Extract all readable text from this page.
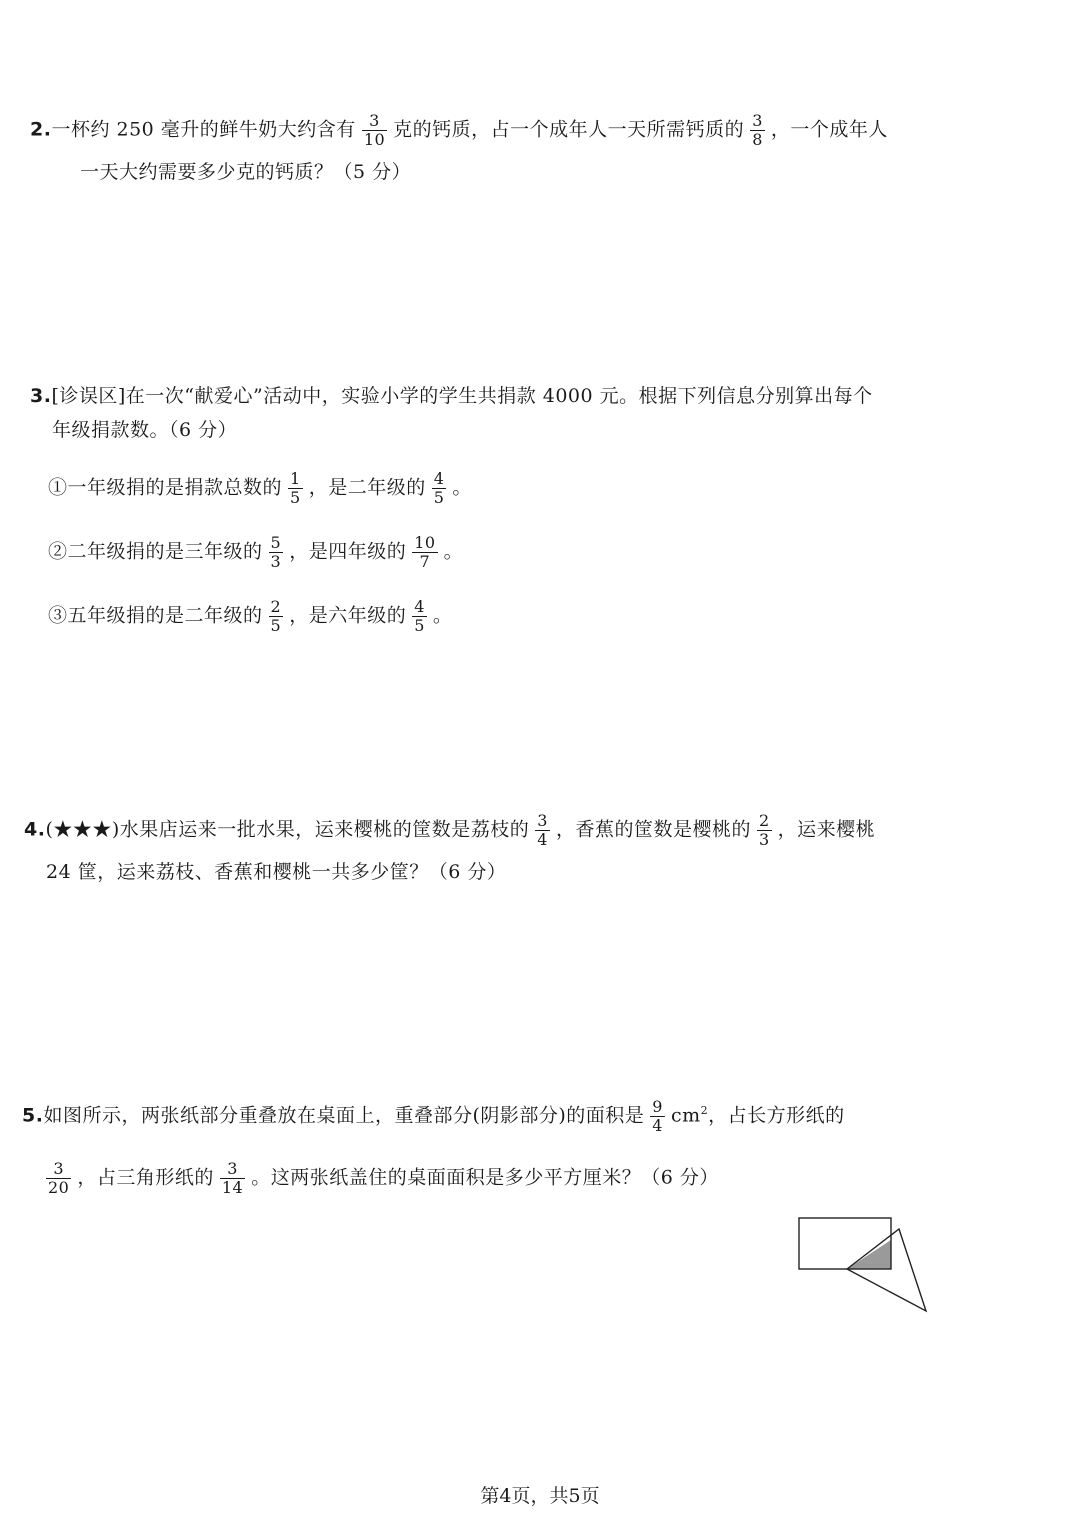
2.一杯约 250 毫升的鲜牛奶大约含有 $\frac{3}{10}$ 克的钙质，占一个成年人一天所需钙质的 $\frac{3}{8}$ ，一个成年人
一天大约需要多少克的钙质？（5 分）
3.[诊误区]在一次“献爱心”活动中，实验小学的学生共捐款 4000 元。根据下列信息分别算出每个
年级捐款数。（6 分）
①一年级捐的是捐款总数的 $\frac{1}{5}$ ，是二年级的 $\frac{4}{5}$ 。
②二年级捐的是三年级的 $\frac{5}{3}$ ，是四年级的 $\frac{10}{7}$ 。
③五年级捐的是二年级的 $\frac{2}{5}$ ，是六年级的 $\frac{4}{5}$ 。
4.(★★★)水果店运来一批水果，运来樱桃的筐数是荔枝的 $\frac{3}{4}$ ，香蕉的筐数是樱桃的 $\frac{2}{3}$ ，运来樱桃
24 筐，运来荔枝、香蕉和樱桃一共多少筐？（6 分）
5.如图所示，两张纸部分重叠放在桌面上，重叠部分(阴影部分)的面积是 $\frac{9}{4} cm^2$，占长方形纸的
$\frac{3}{20}$ ，占三角形纸的 $\frac{3}{14}$ 。这两张纸盖住的桌面面积是多少平方厘米？（6 分）
第4页，共5页
